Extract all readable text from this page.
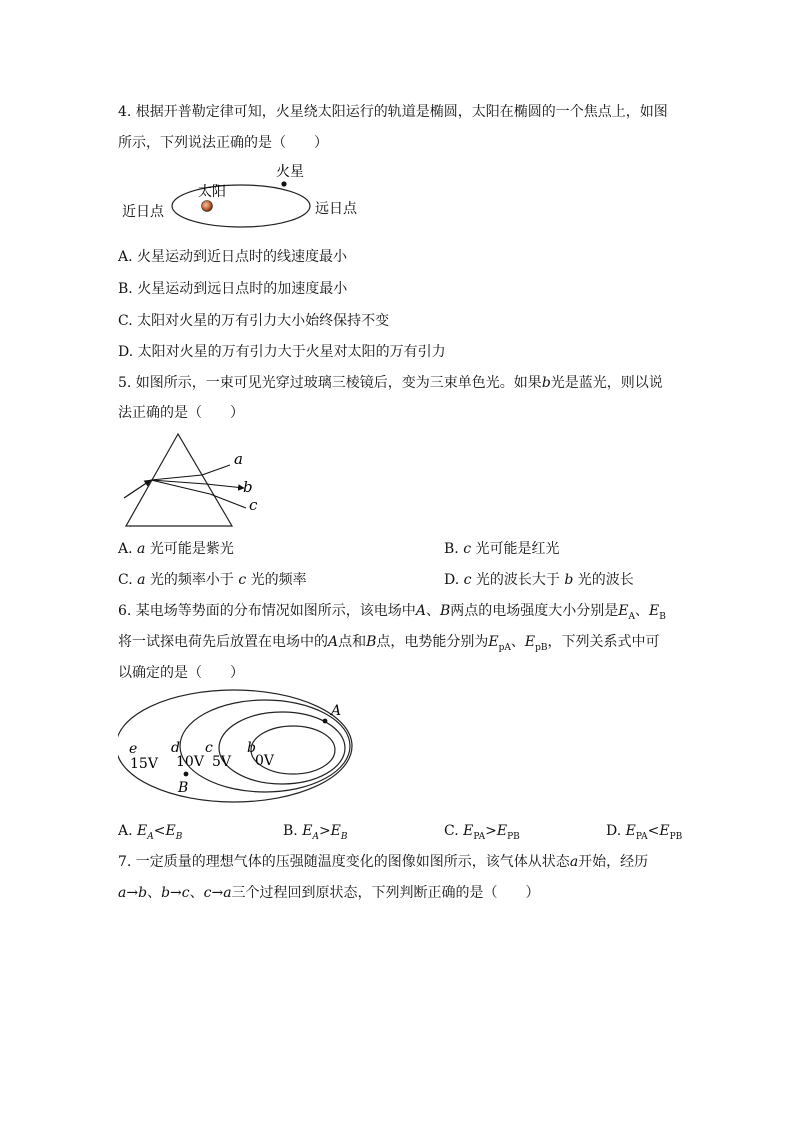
4. 根据开普勒定律可知，火星绕太阳运行的轨道是椭圆，太阳在椭圆的一个焦点上，如图
所示，下列说法正确的是（　　）
火星
太阳
近日点	远日点
A. 火星运动到近日点时的线速度最小
B. 火星运动到远日点时的加速度最小
C. 太阳对火星的万有引力大小始终保持不变
D. 太阳对火星的万有引力大于火星对太阳的万有引力
5. 如图所示，一束可见光穿过玻璃三棱镜后，变为三束单色光。如果b光是蓝光，则以说
法正确的是（　　）
a
b
c
A. a 光可能是紫光	B. c 光可能是红光
C. a 光的频率小于 c 光的频率	D. c 光的波长大于 b 光的波长
6. 某电场等势面的分布情况如图所示，该电场中A、B两点的电场强度大小分别是$E_A$、$E_B$
将一试探电荷先后放置在电场中的A点和B点，电势能分别为$E_{pA}$、$E_{pB}$，下列关系式中可
以确定的是（　　）
e
15V
d
10V
c
5V
b
0V
A
B
A. $E_A<E_B$	B. $E_A>E_B$	C. $E_{PA}>E_{PB}$	D. $E_{PA}<E_{PB}$
7. 一定质量的理想气体的压强随温度变化的图像如图所示，该气体从状态a开始，经历
a→b、b→c、c→a三个过程回到原状态，下列判断正确的是（　　）
